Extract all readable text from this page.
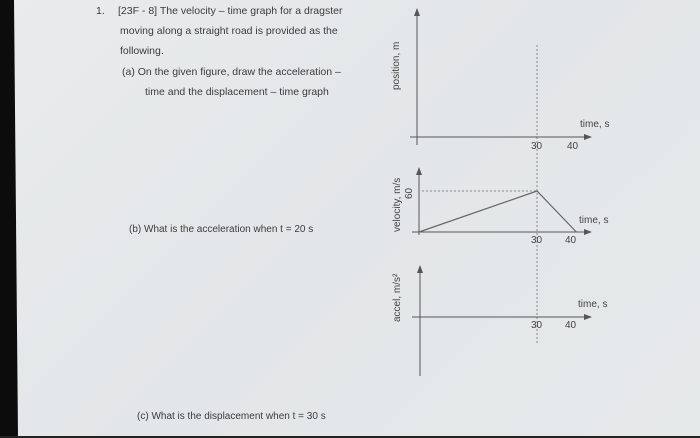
1. [23F - 8] The velocity – time graph for a dragster
moving along a straight road is provided as the
following.
(a) On the given figure, draw the acceleration –
time and the displacement – time graph
(b) What is the acceleration when t = 20 s
(c) What is the displacement when t = 30 s
position, m
time, s
30 40
velocity, m/s 60
time, s
30 40
accel, m/s²	time, s
30 40
